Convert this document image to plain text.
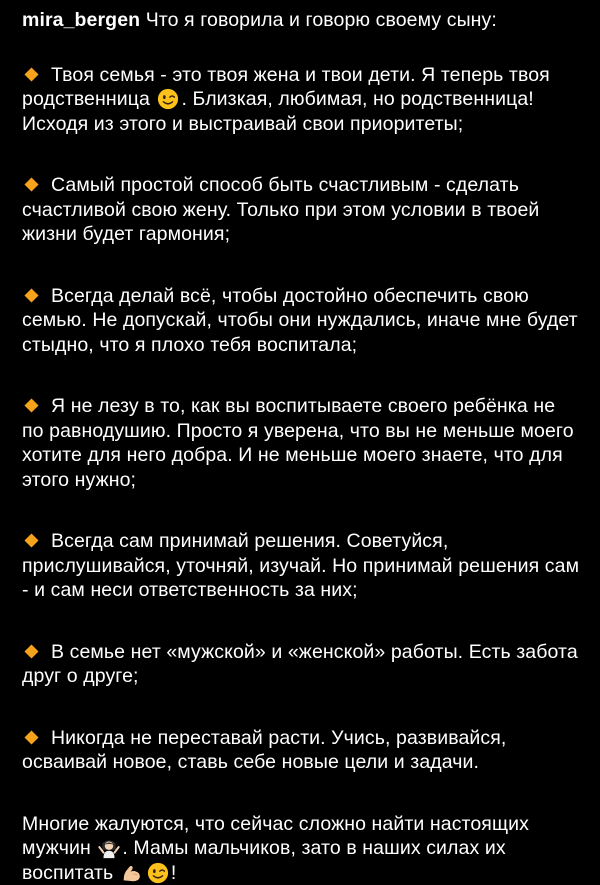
mira_bergen Что я говорила и говорю своему сыну:
Твоя семья - это твоя жена и твои дети. Я теперь твоя родственница . Близкая, любимая, но родственница! Исходя из этого и выстраивай свои приоритеты;
Самый простой способ быть счастливым - сделать счастливой свою жену. Только при этом условии в твоей жизни будет гармония;
Всегда делай всё, чтобы достойно обеспечить свою семью. Не допускай, чтобы они нуждались, иначе мне будет стыдно, что я плохо тебя воспитала;
Я не лезу в то, как вы воспитываете своего ребёнка не по равнодушию. Просто я уверена, что вы не меньше моего хотите для него добра. И не меньше моего знаете, что для этого нужно;
Всегда сам принимай решения. Советуйся, прислушивайся, уточняй, изучай. Но принимай решения сам - и сам неси ответственность за них;
В семье нет «мужской» и «женской» работы. Есть забота друг о друге;
Никогда не переставай расти. Учись, развивайся, осваивай новое, ставь себе новые цели и задачи.
Многие жалуются, что сейчас сложно найти настоящих мужчин . Мамы мальчиков, зато в наших силах их воспитать	!
